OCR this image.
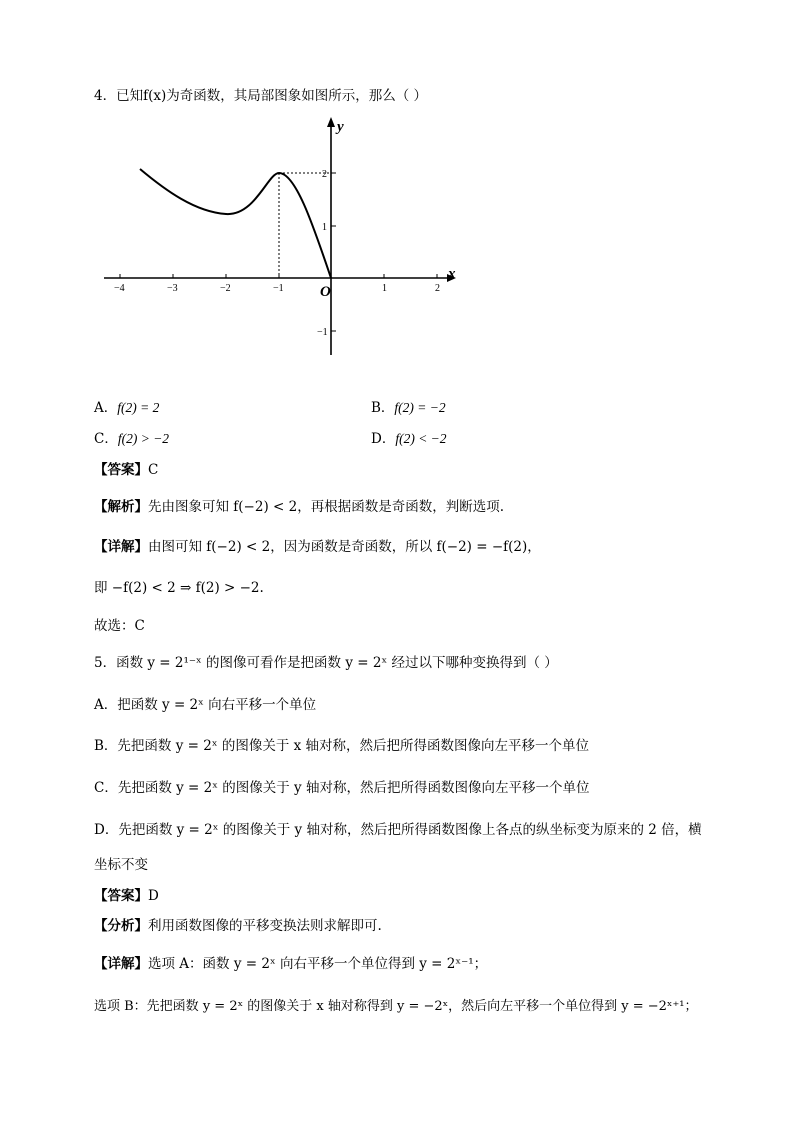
4．已知f(x)为奇函数，其局部图象如图所示，那么（ ）
−4	−3	−2	−1	1	2
2
1
−1
x
y
O
A．f(2) = 2	B．f(2) = −2
C．f(2) > −2	D．f(2) < −2
【答案】C
【解析】先由图象可知 f(−2) < 2，再根据函数是奇函数，判断选项.
【详解】由图可知 f(−2) < 2，因为函数是奇函数，所以 f(−2) = −f(2)，
即 −f(2) < 2 ⇒ f(2) > −2.
故选：C
5．函数 y = 2¹⁻ˣ 的图像可看作是把函数 y = 2ˣ 经过以下哪种变换得到（ ）
A．把函数 y = 2ˣ 向右平移一个单位
B．先把函数 y = 2ˣ 的图像关于 x 轴对称，然后把所得函数图像向左平移一个单位
C．先把函数 y = 2ˣ 的图像关于 y 轴对称，然后把所得函数图像向左平移一个单位
D．先把函数 y = 2ˣ 的图像关于 y 轴对称，然后把所得函数图像上各点的纵坐标变为原来的 2 倍，横
坐标不变
【答案】D
【分析】利用函数图像的平移变换法则求解即可.
【详解】选项 A：函数 y = 2ˣ 向右平移一个单位得到 y = 2ˣ⁻¹；
选项 B：先把函数 y = 2ˣ 的图像关于 x 轴对称得到 y = −2ˣ，然后向左平移一个单位得到 y = −2ˣ⁺¹；
